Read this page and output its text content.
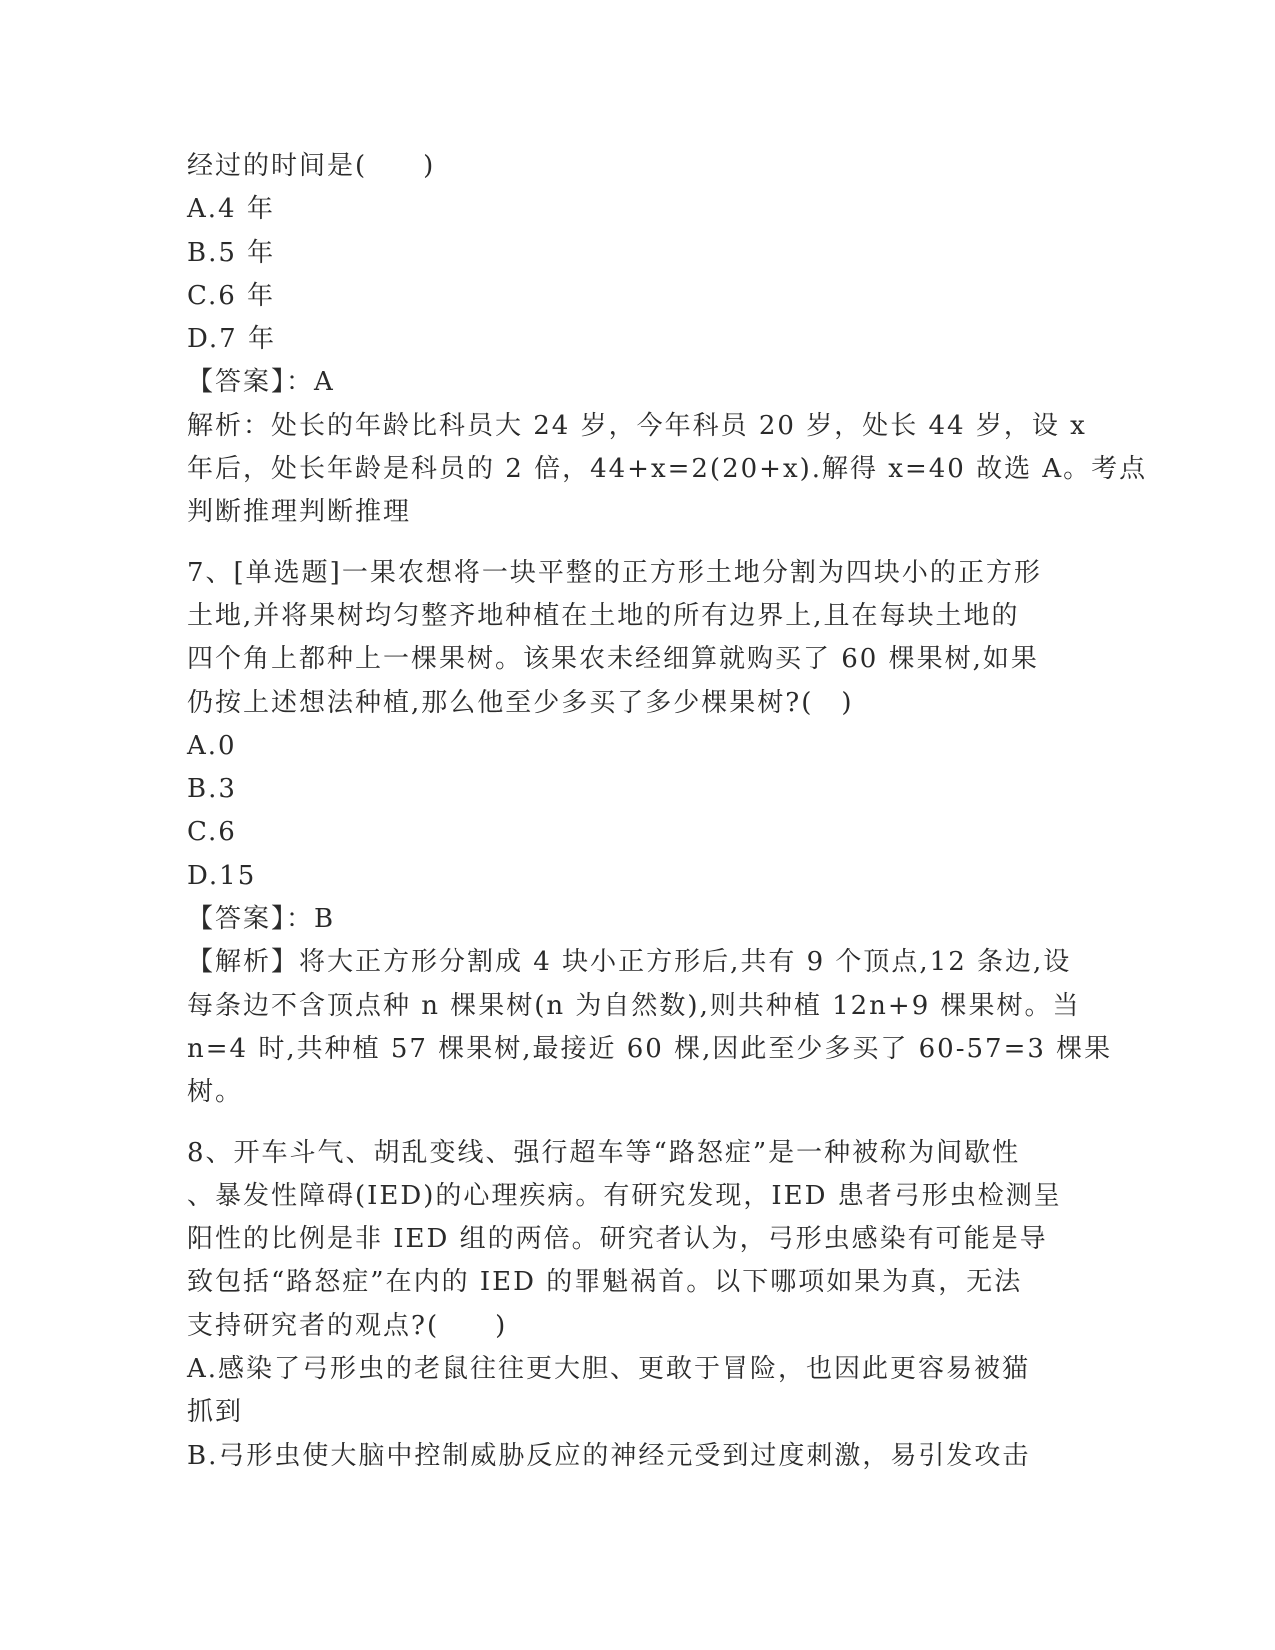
经过的时间是(　　)
A.4 年
B.5 年
C.6 年
D.7 年
【答案】：A
解析：处长的年龄比科员大 24 岁，今年科员 20 岁，处长 44 岁，设 x
年后，处长年龄是科员的 2 倍，44+x=2(20+x).解得 x=40 故选 A。考点
判断推理判断推理
7、[单选题]一果农想将一块平整的正方形土地分割为四块小的正方形
土地,并将果树均匀整齐地种植在土地的所有边界上,且在每块土地的
四个角上都种上一棵果树。该果农未经细算就购买了 60 棵果树,如果
仍按上述想法种植,那么他至少多买了多少棵果树?(　)
A.0
B.3
C.6
D.15
【答案】：B
【解析】将大正方形分割成 4 块小正方形后,共有 9 个顶点,12 条边,设
每条边不含顶点种 n 棵果树(n 为自然数),则共种植 12n+9 棵果树。当
n=4 时,共种植 57 棵果树,最接近 60 棵,因此至少多买了 60-57=3 棵果
树。
8、开车斗气、胡乱变线、强行超车等“路怒症”是一种被称为间歇性
、暴发性障碍(IED)的心理疾病。有研究发现，IED 患者弓形虫检测呈
阳性的比例是非 IED 组的两倍。研究者认为，弓形虫感染有可能是导
致包括“路怒症”在内的 IED 的罪魁祸首。以下哪项如果为真，无法
支持研究者的观点?(　　)
A.感染了弓形虫的老鼠往往更大胆、更敢于冒险，也因此更容易被猫
抓到
B.弓形虫使大脑中控制威胁反应的神经元受到过度刺激，易引发攻击
